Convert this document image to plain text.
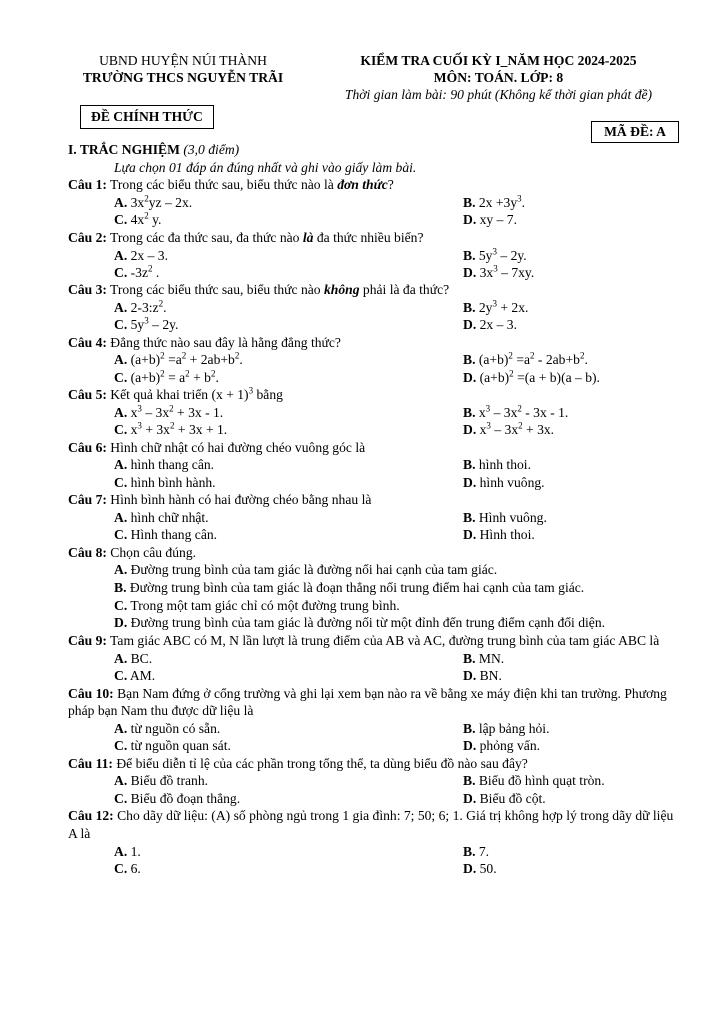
UBND HUYỆN NÚI THÀNH
TRƯỜNG THCS NGUYỄN TRÃI
KIỂM TRA CUỐI KỲ I_NĂM HỌC 2024-2025
MÔN: TOÁN. LỚP: 8
Thời gian làm bài: 90 phút (Không kể thời gian phát đề)
ĐỀ CHÍNH THỨC
MÃ ĐỀ: A
I. TRẮC NGHIỆM (3,0 điểm)
Lựa chọn 01 đáp án đúng nhất và ghi vào giấy làm bài.
Câu 1: Trong các biểu thức sau, biểu thức nào là đơn thức?
A. $3x^2yz - 2x$.	B. $2x +3y^3$.
C. $4x^2$ y.	D. xy – 7.
Câu 2: Trong các đa thức sau, đa thức nào là đa thức nhiều biến?
A. 2x – 3.	B. $5y^3 - 2y$.
C. $-3z^2$ .	D. $3x^3 - 7xy$.
Câu 3: Trong các biểu thức sau, biểu thức nào không phải là đa thức?
A. $2-3:z^2$.	B. $2y^3 + 2x$.
C. $5y^3 - 2y$.	D. 2x – 3.
Câu 4: Đẳng thức nào sau đây là hằng đẳng thức?
A. $(a+b)^2 =a^2 + 2ab+b^2$.	B. $(a+b)^2 =a^2 - 2ab+b^2$.
C. $(a+b)^2 = a^2 + b^2$.	D. $(a+b)^2 =(a + b)(a - b)$.
Câu 5: Kết quả khai triển $(x + 1)^3$ bằng
A. $x^3 - 3x^2 + 3x - 1$.	B. $x^3 - 3x^2 - 3x - 1$.
C. $x^3 + 3x^2 + 3x + 1$.	D. $x^3 - 3x^2 + 3x$.
Câu 6: Hình chữ nhật có hai đường chéo vuông góc là
A. hình thang cân.	B. hình thoi.
C. hình bình hành.	D. hình vuông.
Câu 7: Hình bình hành có hai đường chéo bằng nhau là
A. hình chữ nhật.	B. Hình vuông.
C. Hình thang cân.	D. Hình thoi.
Câu 8: Chọn câu đúng.
A. Đường trung bình của tam giác là đường nối hai cạnh của tam giác.
B. Đường trung bình của tam giác là đoạn thẳng nối trung điểm hai cạnh của tam giác.
C. Trong một tam giác chỉ có một đường trung bình.
D. Đường trung bình của tam giác là đường nối từ một đỉnh đến trung điểm cạnh đối diện.
Câu 9: Tam giác ABC có M, N lần lượt là trung điểm của AB và AC, đường trung bình của tam giác ABC là
A. BC.	B. MN.
C. AM.	D. BN.
Câu 10: Bạn Nam đứng ở cổng trường và ghi lại xem bạn nào ra về bằng xe máy điện khi tan trường. Phương pháp bạn Nam thu được dữ liệu là
A. từ nguồn có sẵn.	B. lập bảng hỏi.
C. từ nguồn quan sát.	D. phỏng vấn.
Câu 11: Để biểu diễn tỉ lệ của các phần trong tổng thể, ta dùng biểu đồ nào sau đây?
A. Biểu đồ tranh.	B. Biểu đồ hình quạt tròn.
C. Biểu đồ đoạn thẳng.	D. Biểu đồ cột.
Câu 12: Cho dãy dữ liệu: (A) số phòng ngủ trong 1 gia đình: 7; 50; 6; 1. Giá trị không hợp lý trong dãy dữ liệu A là
A. 1.	B. 7.
C. 6.	D. 50.
